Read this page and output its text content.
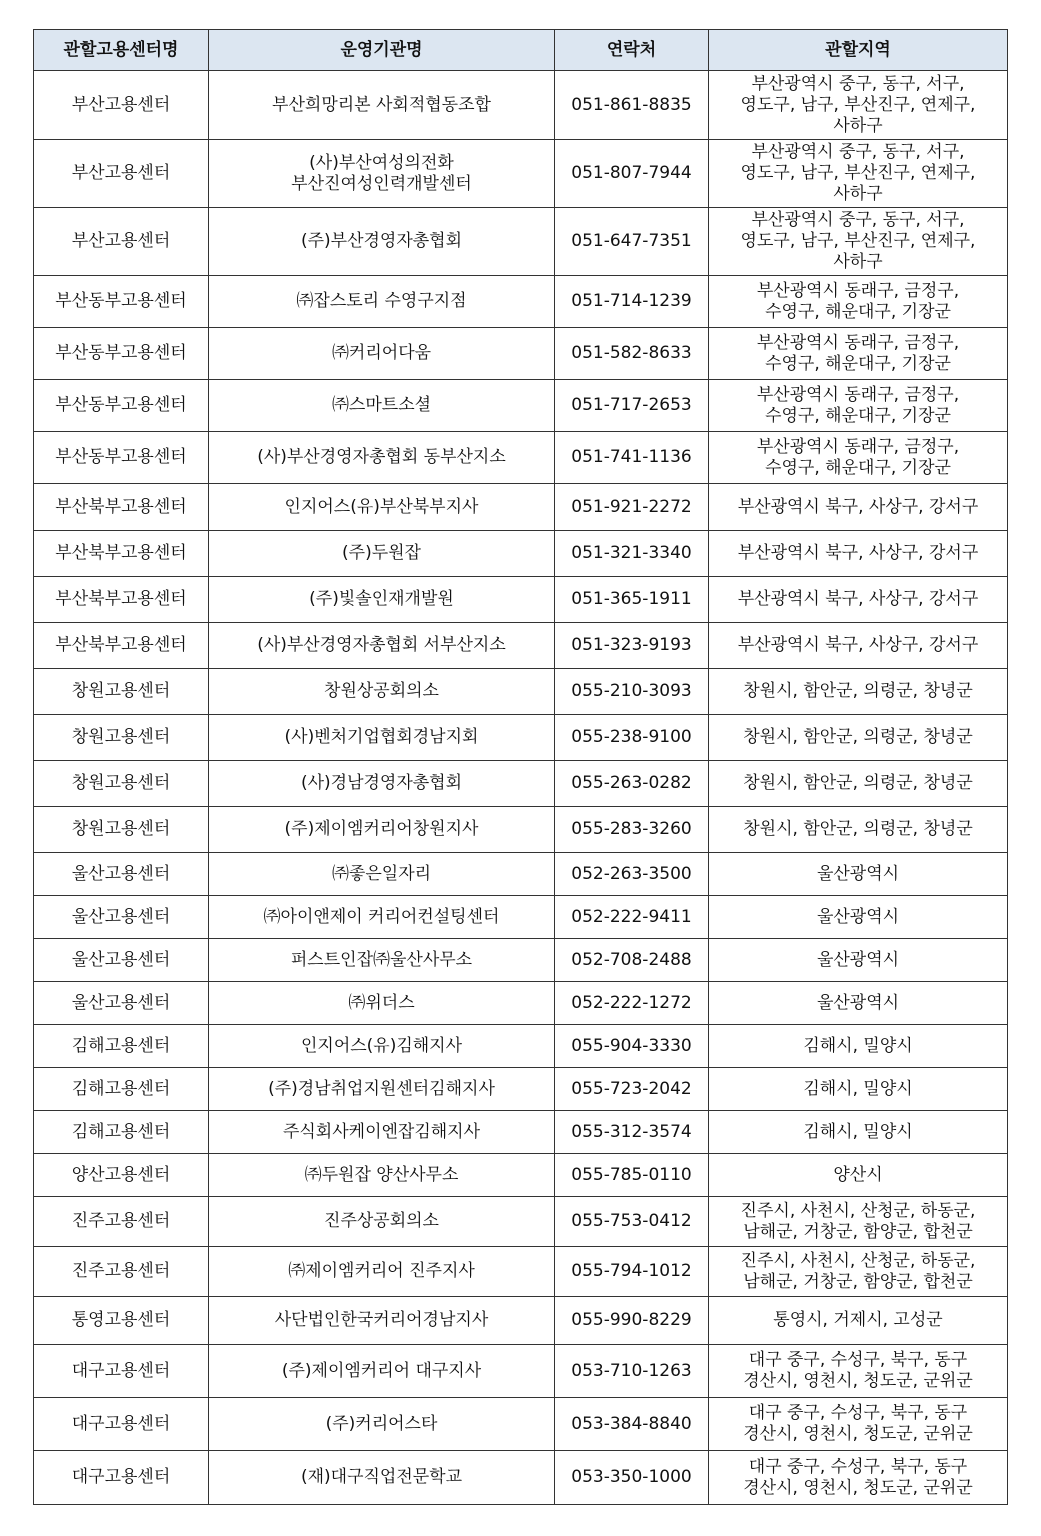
관할고용센터명	운영기관명	연락처	관할지역
부산고용센터	부산희망리본 사회적협동조합	051-861-8835	부산광역시 중구, 동구, 서구,
영도구, 남구, 부산진구, 연제구,
사하구
부산고용센터	(사)부산여성의전화
부산진여성인력개발센터	051-807-7944	부산광역시 중구, 동구, 서구,
영도구, 남구, 부산진구, 연제구,
사하구
부산고용센터	(주)부산경영자총협회	051-647-7351	부산광역시 중구, 동구, 서구,
영도구, 남구, 부산진구, 연제구,
사하구
부산동부고용센터	㈜잡스토리 수영구지점	051-714-1239	부산광역시 동래구, 금정구,
수영구, 해운대구, 기장군
부산동부고용센터	㈜커리어다움	051-582-8633	부산광역시 동래구, 금정구,
수영구, 해운대구, 기장군
부산동부고용센터	㈜스마트소셜	051-717-2653	부산광역시 동래구, 금정구,
수영구, 해운대구, 기장군
부산동부고용센터	(사)부산경영자총협회 동부산지소	051-741-1136	부산광역시 동래구, 금정구,
수영구, 해운대구, 기장군
부산북부고용센터	인지어스(유)부산북부지사	051-921-2272	부산광역시 북구, 사상구, 강서구
부산북부고용센터	(주)두원잡	051-321-3340	부산광역시 북구, 사상구, 강서구
부산북부고용센터	(주)빛솔인재개발원	051-365-1911	부산광역시 북구, 사상구, 강서구
부산북부고용센터	(사)부산경영자총협회 서부산지소	051-323-9193	부산광역시 북구, 사상구, 강서구
창원고용센터	창원상공회의소	055-210-3093	창원시, 함안군, 의령군, 창녕군
창원고용센터	(사)벤처기업협회경남지회	055-238-9100	창원시, 함안군, 의령군, 창녕군
창원고용센터	(사)경남경영자총협회	055-263-0282	창원시, 함안군, 의령군, 창녕군
창원고용센터	(주)제이엠커리어창원지사	055-283-3260	창원시, 함안군, 의령군, 창녕군
울산고용센터	㈜좋은일자리	052-263-3500	울산광역시
울산고용센터	㈜아이앤제이 커리어컨설팅센터	052-222-9411	울산광역시
울산고용센터	퍼스트인잡㈜울산사무소	052-708-2488	울산광역시
울산고용센터	㈜위더스	052-222-1272	울산광역시
김해고용센터	인지어스(유)김해지사	055-904-3330	김해시, 밀양시
김해고용센터	(주)경남취업지원센터김해지사	055-723-2042	김해시, 밀양시
김해고용센터	주식회사케이엔잡김해지사	055-312-3574	김해시, 밀양시
양산고용센터	㈜두원잡 양산사무소	055-785-0110	양산시
진주고용센터	진주상공회의소	055-753-0412	진주시, 사천시, 산청군, 하동군,
남해군, 거창군, 함양군, 합천군
진주고용센터	㈜제이엠커리어 진주지사	055-794-1012	진주시, 사천시, 산청군, 하동군,
남해군, 거창군, 함양군, 합천군
통영고용센터	사단법인한국커리어경남지사	055-990-8229	통영시, 거제시, 고성군
대구고용센터	(주)제이엠커리어 대구지사	053-710-1263	대구 중구, 수성구, 북구, 동구
경산시, 영천시, 청도군, 군위군
대구고용센터	(주)커리어스타	053-384-8840	대구 중구, 수성구, 북구, 동구
경산시, 영천시, 청도군, 군위군
대구고용센터	(재)대구직업전문학교	053-350-1000	대구 중구, 수성구, 북구, 동구
경산시, 영천시, 청도군, 군위군
